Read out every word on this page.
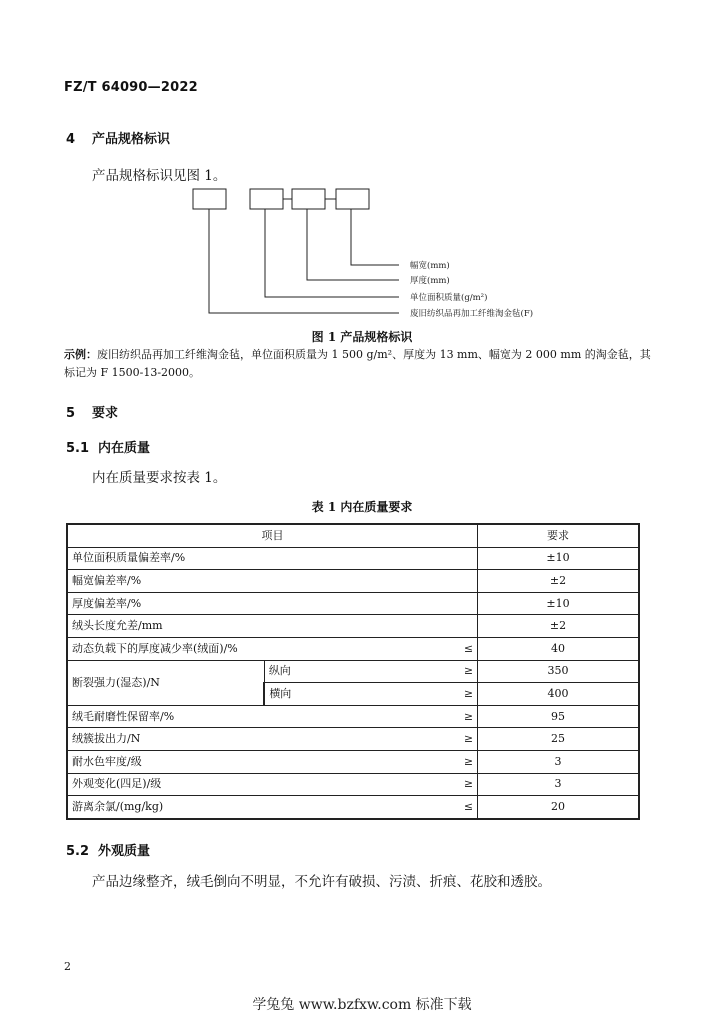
FZ/T 64090—2022
4 产品规格标识
产品规格标识见图 1。
幅宽(mm)
厚度(mm)
单位面积质量(g/m²)
废旧纺织品再加工纤维淘金毡(F)
图 1 产品规格标识
示例：废旧纺织品再加工纤维淘金毡，单位面积质量为 1 500 g/m²、厚度为 13 mm、幅宽为 2 000 mm 的淘金毡，其标记为 F 1500-13-2000。
5 要求
5.1 内在质量
内在质量要求按表 1。
表 1 内在质量要求
项目			要求
单位面积质量偏差率/%			±10
幅宽偏差率/%			±2
厚度偏差率/%			±10
绒头长度允差/mm			±2
动态负载下的厚度减少率(绒面)/%		≤	40
断裂强力(湿态)/N	纵向	≥	350
	横向	≥	400
绒毛耐磨性保留率/%		≥	95
绒簇拔出力/N		≥	25
耐水色牢度/级		≥	3
外观变化(四足)/级		≥	3
游离余氯/(mg/kg)		≤	20
5.2 外观质量
产品边缘整齐，绒毛倒向不明显，不允许有破损、污渍、折痕、花胶和透胶。
2
学兔兔 www.bzfxw.com 标准下载
